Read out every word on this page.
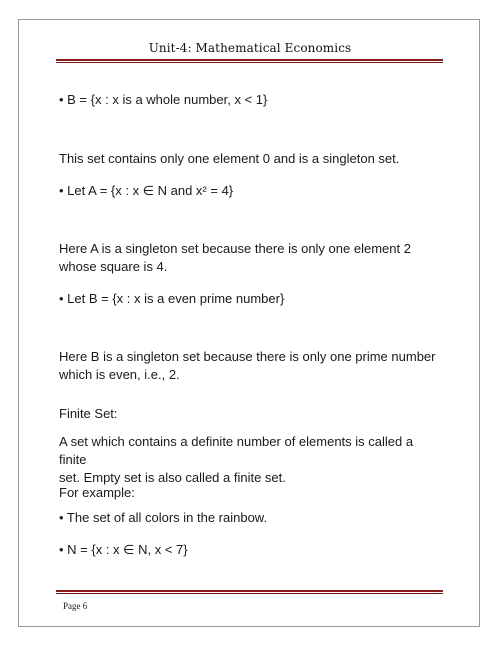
Unit-4: Mathematical Economics

• B = {x : x is a whole number, x < 1}

This set contains only one element 0 and is a singleton set.

• Let A = {x : x ∈ N and x² = 4}

Here A is a singleton set because there is only one element 2
whose square is 4.

• Let B = {x : x is a even prime number}

Here B is a singleton set because there is only one prime number
which is even, i.e., 2.

Finite Set:

A set which contains a definite number of elements is called a finite
set. Empty set is also called a finite set.

For example:

• The set of all colors in the rainbow.

• N = {x : x ∈ N, x < 7}

Page 6
